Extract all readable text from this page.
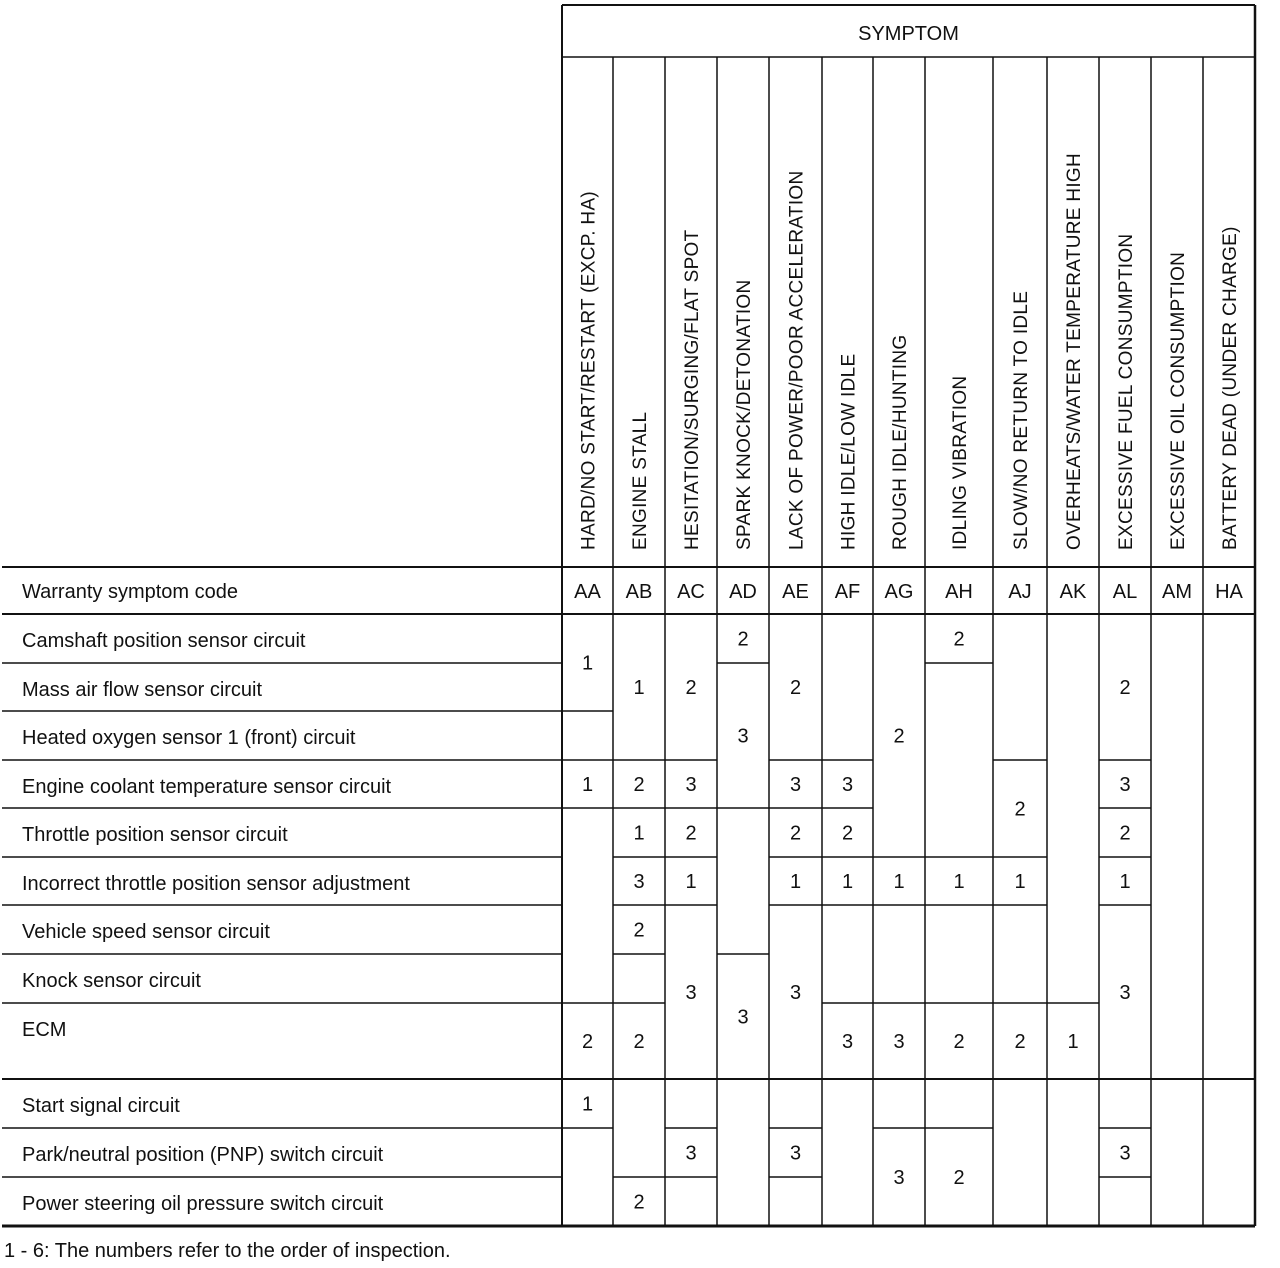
SYMPTOM
Warranty symptom code
HARD/NO START/RESTART (EXCP. HA)
AA
ENGINE STALL
AB
HESITATION/SURGING/FLAT SPOT
AC
SPARK KNOCK/DETONATION
AD
LACK OF POWER/POOR ACCELERATION
AE
HIGH IDLE/LOW IDLE
AF
ROUGH IDLE/HUNTING
AG
IDLING VIBRATION
AH
SLOW/NO RETURN TO IDLE
AJ
OVERHEATS/WATER TEMPERATURE HIGH
AK
EXCESSIVE FUEL CONSUMPTION
AL
EXCESSIVE OIL CONSUMPTION
AM
BATTERY DEAD (UNDER CHARGE)
HA
Camshaft position sensor circuit
Mass air flow sensor circuit
Heated oxygen sensor 1 (front) circuit
Engine coolant temperature sensor circuit
Throttle position sensor circuit
Incorrect throttle position sensor adjustment
Vehicle speed sensor circuit
Knock sensor circuit
ECM
Start signal circuit
Park/neutral position (PNP) switch circuit
Power steering oil pressure switch circuit
1
1
2
1
1
2
1
3
2
2
2
2
3
2
1
3
3
2
3
3
2
3
2
1
3
3
3
2
1
3
2
1
3
3
2
1
2
2
2
1
2 1
2
3
2
1
3
3
1 - 6: The numbers refer to the order of inspection.
